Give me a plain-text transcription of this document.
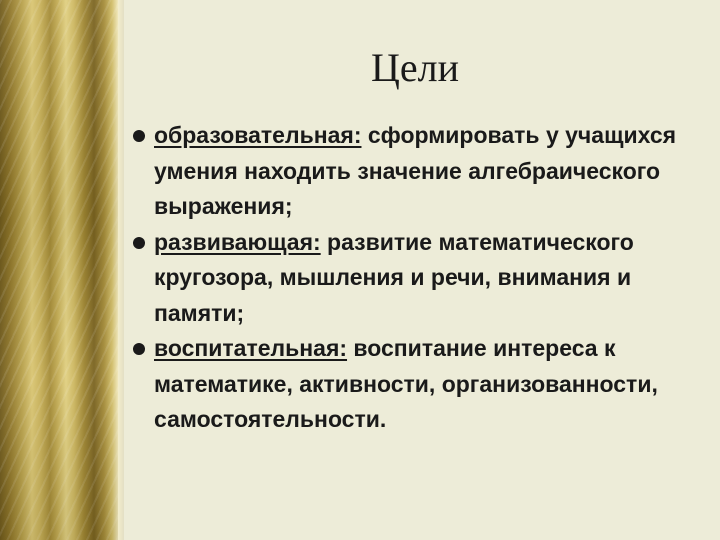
Цели
образовательная: сформировать у учащихся умения находить значение алгебраического выражения;
развивающая: развитие математического кругозора, мышления и речи, внимания и памяти;
воспитательная: воспитание интереса к математике, активности, организованности, самостоятельности.
